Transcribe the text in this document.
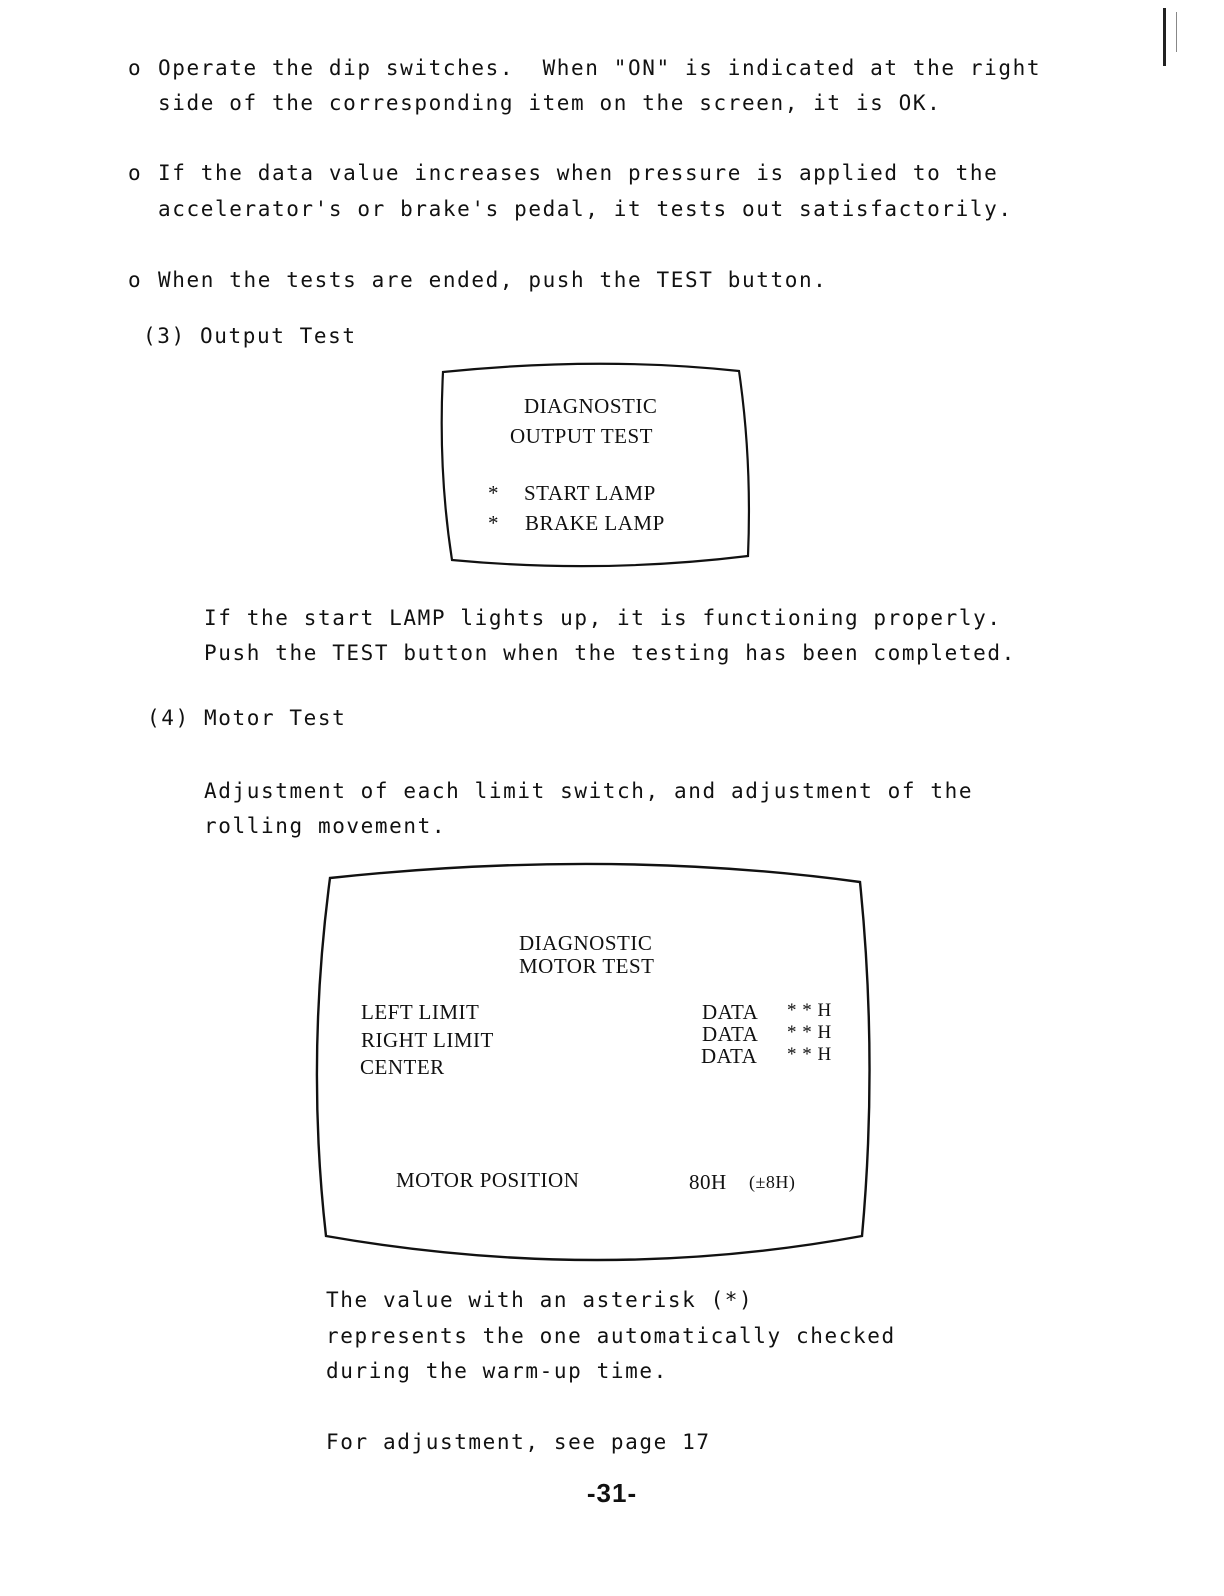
o Operate the dip switches.  When "ON" is indicated at the right
side of the corresponding item on the screen, it is OK.
o If the data value increases when pressure is applied to the
accelerator's or brake's pedal, it tests out satisfactorily.
o When the tests are ended, push the TEST button.
(3) Output Test
DIAGNOSTIC
OUTPUT TEST
* START LAMP
* BRAKE LAMP
If the start LAMP lights up, it is functioning properly.
Push the TEST button when the testing has been completed.
(4) Motor Test
Adjustment of each limit switch, and adjustment of the
rolling movement.
DIAGNOSTIC
MOTOR TEST
LEFT LIMIT
RIGHT LIMIT
CENTER
DATA
DATA
DATA
* * H
* * H
* * H
MOTOR POSITION	80H (±8H)
The value with an asterisk (*)
represents the one automatically checked
during the warm-up time.
For adjustment, see page 17
-31-
